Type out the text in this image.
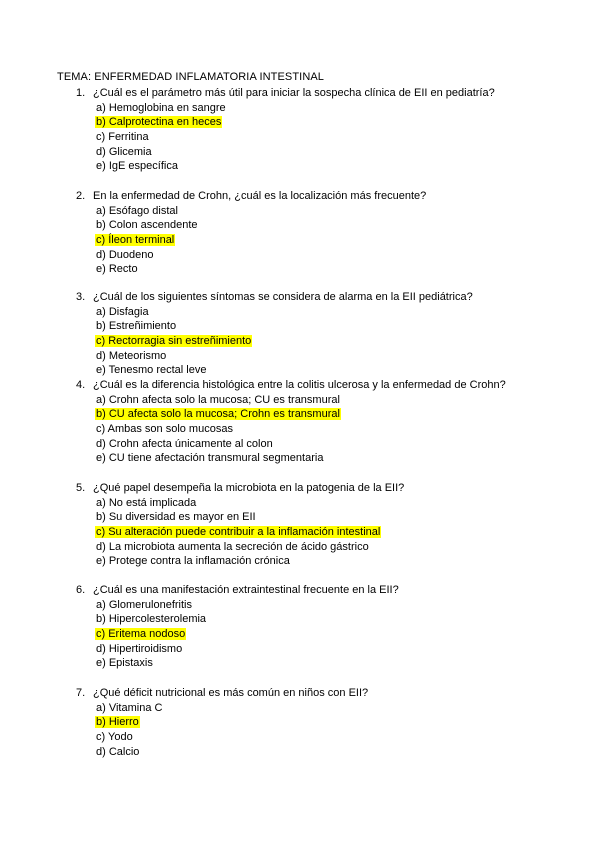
TEMA: ENFERMEDAD INFLAMATORIA INTESTINAL
1. ¿Cuál es el parámetro más útil para iniciar la sospecha clínica de EII en pediatría?
a) Hemoglobina en sangre
b) Calprotectina en heces
c) Ferritina
d) Glicemia
e) IgE específica
2. En la enfermedad de Crohn, ¿cuál es la localización más frecuente?
a) Esófago distal
b) Colon ascendente
c) Íleon terminal
d) Duodeno
e) Recto
3. ¿Cuál de los siguientes síntomas se considera de alarma en la EII pediátrica?
a) Disfagia
b) Estreñimiento
c) Rectorragia sin estreñimiento
d) Meteorismo
e) Tenesmo rectal leve
4. ¿Cuál es la diferencia histológica entre la colitis ulcerosa y la enfermedad de Crohn?
a) Crohn afecta solo la mucosa; CU es transmural
b) CU afecta solo la mucosa; Crohn es transmural
c) Ambas son solo mucosas
d) Crohn afecta únicamente al colon
e) CU tiene afectación transmural segmentaria
5. ¿Qué papel desempeña la microbiota en la patogenia de la EII?
a) No está implicada
b) Su diversidad es mayor en EII
c) Su alteración puede contribuir a la inflamación intestinal
d) La microbiota aumenta la secreción de ácido gástrico
e) Protege contra la inflamación crónica
6. ¿Cuál es una manifestación extraintestinal frecuente en la EII?
a) Glomerulonefritis
b) Hipercolesterolemia
c) Eritema nodoso
d) Hipertiroidismo
e) Epistaxis
7. ¿Qué déficit nutricional es más común en niños con EII?
a) Vitamina C
b) Hierro
c) Yodo
d) Calcio
